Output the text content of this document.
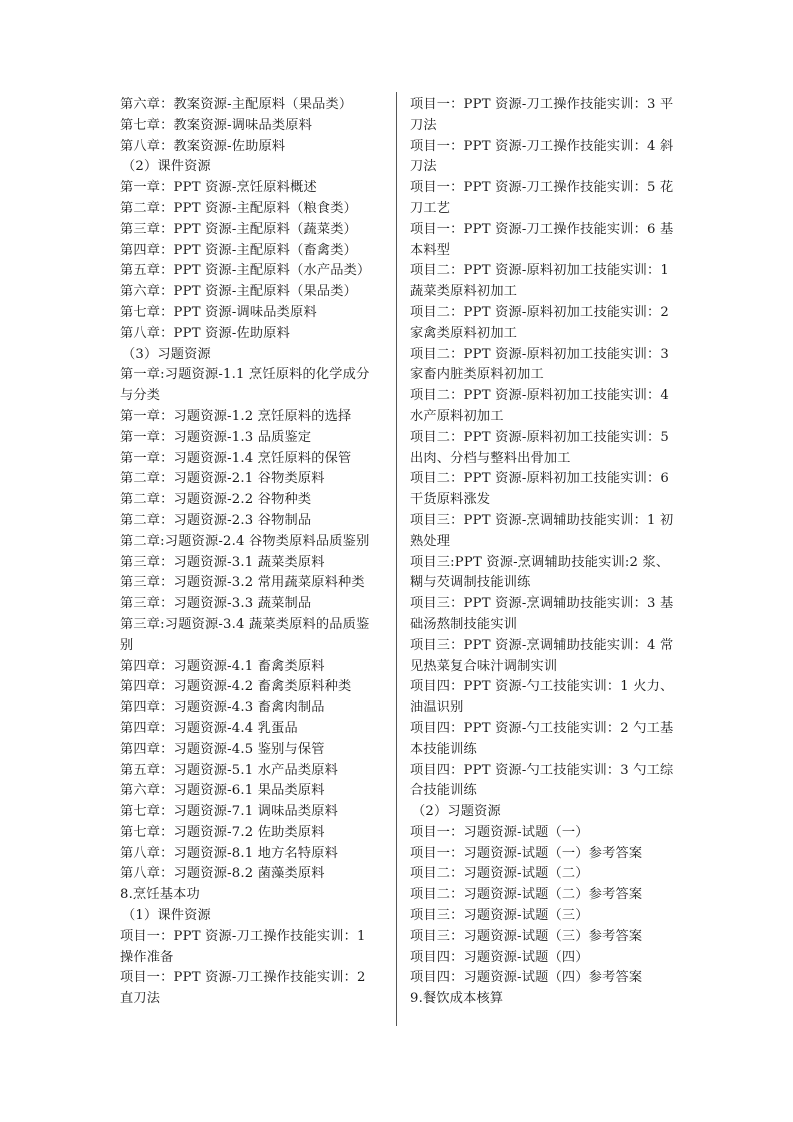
第六章：教案资源-主配原料（果品类）
第七章：教案资源-调味品类原料
第八章：教案资源-佐助原料
（2）课件资源
第一章：PPT 资源-烹饪原料概述
第二章：PPT 资源-主配原料（粮食类）
第三章：PPT 资源-主配原料（蔬菜类）
第四章：PPT 资源-主配原料（畜禽类）
第五章：PPT 资源-主配原料（水产品类）
第六章：PPT 资源-主配原料（果品类）
第七章：PPT 资源-调味品类原料
第八章：PPT 资源-佐助原料
（3）习题资源
第一章:习题资源-1.1 烹饪原料的化学成分与分类
第一章：习题资源-1.2 烹饪原料的选择
第一章：习题资源-1.3 品质鉴定
第一章：习题资源-1.4 烹饪原料的保管
第二章：习题资源-2.1 谷物类原料
第二章：习题资源-2.2 谷物种类
第二章：习题资源-2.3 谷物制品
第二章:习题资源-2.4 谷物类原料品质鉴别
第三章：习题资源-3.1 蔬菜类原料
第三章：习题资源-3.2 常用蔬菜原料种类
第三章：习题资源-3.3 蔬菜制品
第三章:习题资源-3.4 蔬菜类原料的品质鉴别
第四章：习题资源-4.1 畜禽类原料
第四章：习题资源-4.2 畜禽类原料种类
第四章：习题资源-4.3 畜禽肉制品
第四章：习题资源-4.4 乳蛋品
第四章：习题资源-4.5 鉴别与保管
第五章：习题资源-5.1 水产品类原料
第六章：习题资源-6.1 果品类原料
第七章：习题资源-7.1 调味品类原料
第七章：习题资源-7.2 佐助类原料
第八章：习题资源-8.1 地方名特原料
第八章：习题资源-8.2 菌藻类原料
8.烹饪基本功
（1）课件资源
项目一：PPT 资源-刀工操作技能实训：1 操作准备
项目一：PPT 资源-刀工操作技能实训：2 直刀法
项目一：PPT 资源-刀工操作技能实训：3 平刀法
项目一：PPT 资源-刀工操作技能实训：4 斜刀法
项目一：PPT 资源-刀工操作技能实训：5 花刀工艺
项目一：PPT 资源-刀工操作技能实训：6 基本料型
项目二：PPT 资源-原料初加工技能实训：1 蔬菜类原料初加工
项目二：PPT 资源-原料初加工技能实训：2 家禽类原料初加工
项目二：PPT 资源-原料初加工技能实训：3 家畜内脏类原料初加工
项目二：PPT 资源-原料初加工技能实训：4 水产原料初加工
项目二：PPT 资源-原料初加工技能实训：5 出肉、分档与整料出骨加工
项目二：PPT 资源-原料初加工技能实训：6 干货原料涨发
项目三：PPT 资源-烹调辅助技能实训：1 初熟处理
项目三:PPT 资源-烹调辅助技能实训:2 浆、糊与芡调制技能训练
项目三：PPT 资源-烹调辅助技能实训：3 基础汤熬制技能实训
项目三：PPT 资源-烹调辅助技能实训：4 常见热菜复合味汁调制实训
项目四：PPT 资源-勺工技能实训：1 火力、油温识别
项目四：PPT 资源-勺工技能实训：2 勺工基本技能训练
项目四：PPT 资源-勺工技能实训：3 勺工综合技能训练
（2）习题资源
项目一：习题资源-试题（一）
项目一：习题资源-试题（一）参考答案
项目二：习题资源-试题（二）
项目二：习题资源-试题（二）参考答案
项目三：习题资源-试题（三）
项目三：习题资源-试题（三）参考答案
项目四：习题资源-试题（四）
项目四：习题资源-试题（四）参考答案
9.餐饮成本核算
